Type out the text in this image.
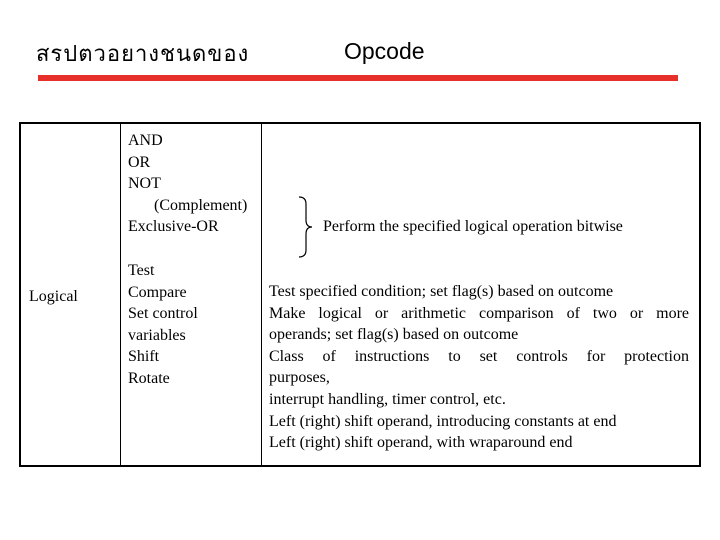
สรปตวอยางชนดของ	Opcode
Logical
AND
OR
NOT
(Complement)
Exclusive-OR
Test
Compare
Set control
variables
Shift
Rotate
Perform the specified logical operation bitwise
Test specified condition; set flag(s) based on outcome
Make logical or arithmetic comparison of two or more
operands; set flag(s) based on outcome
Class of instructions to set controls for protection
purposes,
interrupt handling, timer control, etc.
Left (right) shift operand, introducing constants at end
Left (right) shift operand, with wraparound end
